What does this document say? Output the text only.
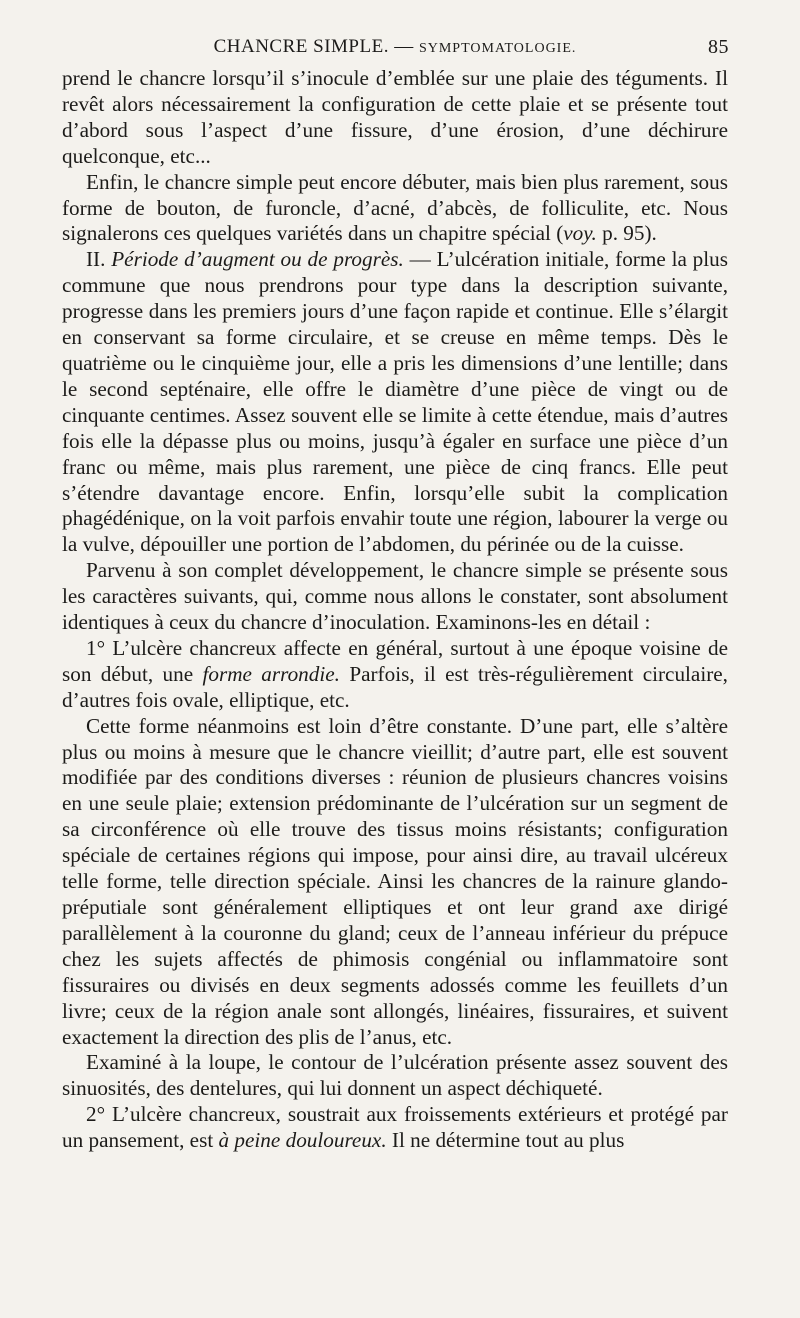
CHANCRE SIMPLE. — SYMPTOMATOLOGIE.	85

prend le chancre lorsqu’il s’inocule d’emblée sur une plaie des téguments. Il revêt alors nécessairement la configuration de cette plaie et se présente tout d’abord sous l’aspect d’une fissure, d’une érosion, d’une déchirure quelconque, etc...

Enfin, le chancre simple peut encore débuter, mais bien plus rarement, sous forme de bouton, de furoncle, d’acné, d’abcès, de folliculite, etc. Nous signalerons ces quelques variétés dans un chapitre spécial (voy. p. 95).

II. Période d’augment ou de progrès. — L’ulcération initiale, forme la plus commune que nous prendrons pour type dans la description suivante, progresse dans les premiers jours d’une façon rapide et continue. Elle s’élargit en conservant sa forme circulaire, et se creuse en même temps. Dès le quatrième ou le cinquième jour, elle a pris les dimensions d’une lentille; dans le second septénaire, elle offre le diamètre d’une pièce de vingt ou de cinquante centimes. Assez souvent elle se limite à cette étendue, mais d’autres fois elle la dépasse plus ou moins, jusqu’à égaler en surface une pièce d’un franc ou même, mais plus rarement, une pièce de cinq francs. Elle peut s’étendre davantage encore. Enfin, lorsqu’elle subit la complication phagédénique, on la voit parfois envahir toute une région, labourer la verge ou la vulve, dépouiller une portion de l’abdomen, du périnée ou de la cuisse.

Parvenu à son complet développement, le chancre simple se présente sous les caractères suivants, qui, comme nous allons le constater, sont absolument identiques à ceux du chancre d’inoculation. Examinons-les en détail :

1° L’ulcère chancreux affecte en général, surtout à une époque voisine de son début, une forme arrondie. Parfois, il est très-régulièrement circulaire, d’autres fois ovale, elliptique, etc.

Cette forme néanmoins est loin d’être constante. D’une part, elle s’altère plus ou moins à mesure que le chancre vieillit; d’autre part, elle est souvent modifiée par des conditions diverses : réunion de plusieurs chancres voisins en une seule plaie; extension prédominante de l’ulcération sur un segment de sa circonférence où elle trouve des tissus moins résistants; configuration spéciale de certaines régions qui impose, pour ainsi dire, au travail ulcéreux telle forme, telle direction spéciale. Ainsi les chancres de la rainure glando-préputiale sont généralement elliptiques et ont leur grand axe dirigé parallèlement à la couronne du gland; ceux de l’anneau inférieur du prépuce chez les sujets affectés de phimosis congénial ou inflammatoire sont fissuraires ou divisés en deux segments adossés comme les feuillets d’un livre; ceux de la région anale sont allongés, linéaires, fissuraires, et suivent exactement la direction des plis de l’anus, etc.

Examiné à la loupe, le contour de l’ulcération présente assez souvent des sinuosités, des dentelures, qui lui donnent un aspect déchiqueté.

2° L’ulcère chancreux, soustrait aux froissements extérieurs et protégé par un pansement, est à peine douloureux. Il ne détermine tout au plus
